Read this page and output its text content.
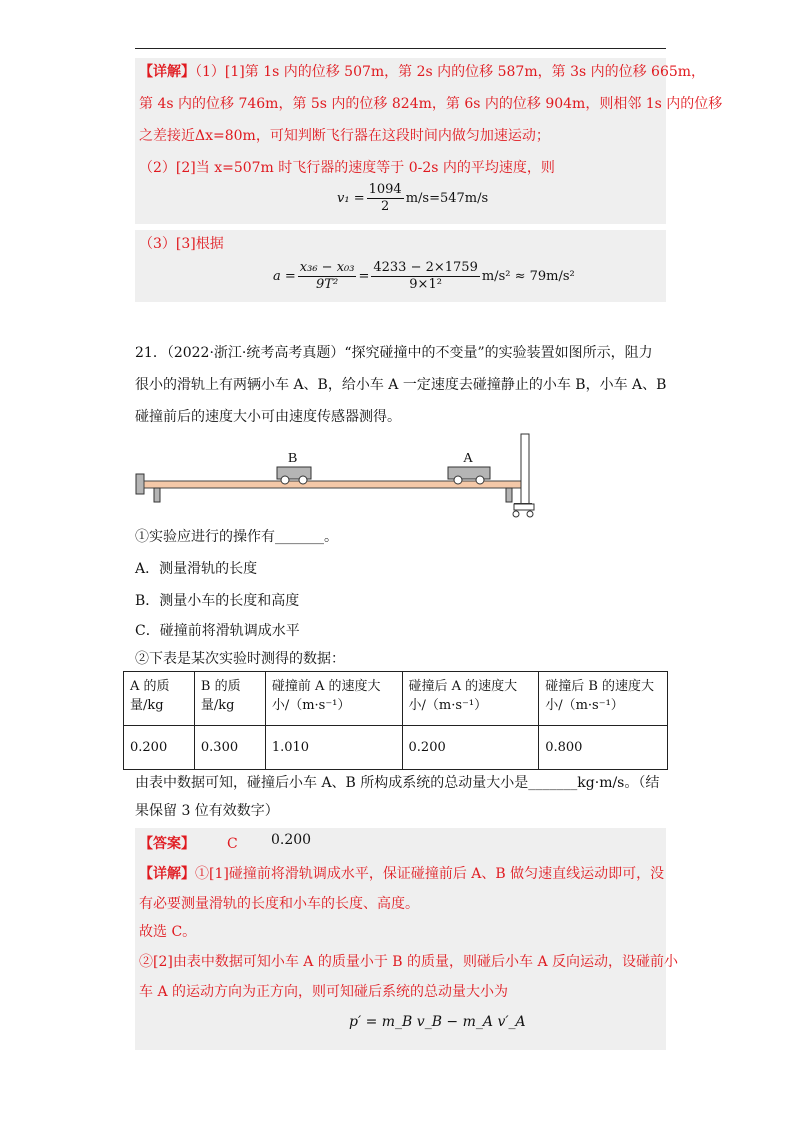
【详解】（1）[1]第 1s 内的位移 507m，第 2s 内的位移 587m，第 3s 内的位移 665m，
第 4s 内的位移 746m，第 5s 内的位移 824m，第 6s 内的位移 904m，则相邻 1s 内的位移
之差接近Δx=80m，可知判断飞行器在这段时间内做匀加速运动；
（2）[2]当 x=507m 时飞行器的速度等于 0-2s 内的平均速度，则
$v_1 = \frac{1094}{2} m/s=547m/s$
（3）[3]根据
$a = \frac{\text{x₃₆ − x₀₃}}{\text{9T²}} = \frac{4233 - 2\times 1759}{\text{9×1²}} m/s^2 \approx 79m/s^2$
21．（2022·浙江·统考高考真题）“探究碰撞中的不变量”的实验装置如图所示，阻力
很小的滑轨上有两辆小车 A、B，给小车 A 一定速度去碰撞静止的小车 B，小车 A、B
碰撞前后的速度大小可由速度传感器测得。
B	A
①实验应进行的操作有_______。
A．测量滑轨的长度
B．测量小车的长度和高度
C．碰撞前将滑轨调成水平
②下表是某次实验时测得的数据：
A 的质量/kg	B 的质量/kg	碰撞前 A 的速度大小/（m·s⁻¹）	碰撞后 A 的速度大小/（m·s⁻¹）	碰撞后 B 的速度大小/（m·s⁻¹）
0.200	0.300	1.010	0.200	0.800
由表中数据可知，碰撞后小车 A、B 所构成系统的总动量大小是_______kg·m/s。（结
果保留 3 位有效数字）
【答案】 C 0.200
【详解】①[1]碰撞前将滑轨调成水平，保证碰撞前后 A、B 做匀速直线运动即可，没
有必要测量滑轨的长度和小车的长度、高度。
故选 C。
②[2]由表中数据可知小车 A 的质量小于 B 的质量，则碰后小车 A 反向运动，设碰前小
车 A 的运动方向为正方向，则可知碰后系统的总动量大小为
p′ = m_B v_B − m_A v′_A
